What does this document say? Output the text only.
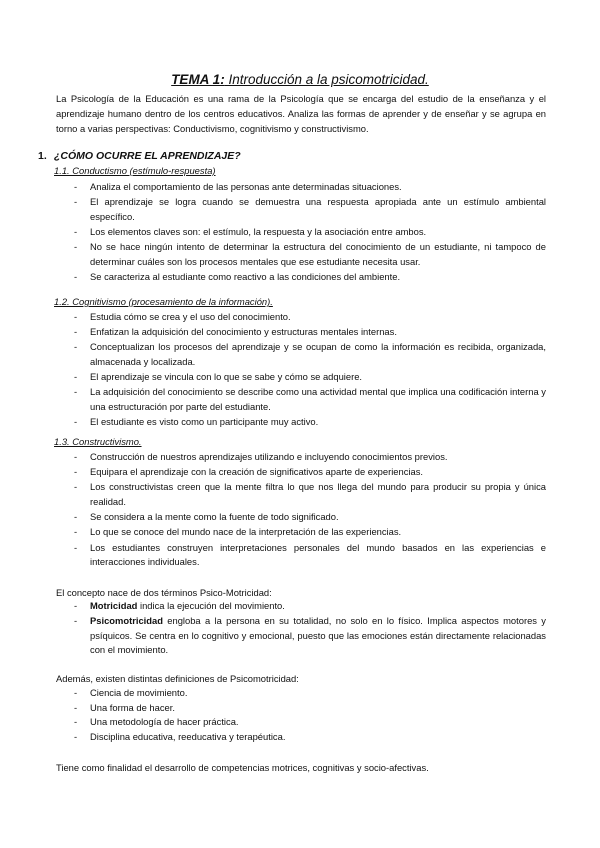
TEMA 1: Introducción a la psicomotricidad.
La Psicología de la Educación es una rama de la Psicología que se encarga del estudio de la enseñanza y el aprendizaje humano dentro de los centros educativos. Analiza las formas de aprender y de enseñar y se agrupa en torno a varias perspectivas: Conductivismo, cognitivismo y constructivismo.
1. ¿CÓMO OCURRE EL APRENDIZAJE?
1.1. Conductismo (estímulo-respuesta)
- Analiza el comportamiento de las personas ante determinadas situaciones.
- El aprendizaje se logra cuando se demuestra una respuesta apropiada ante un estímulo ambiental específico.
- Los elementos claves son: el estímulo, la respuesta y la asociación entre ambos.
- No se hace ningún intento de determinar la estructura del conocimiento de un estudiante, ni tampoco de determinar cuáles son los procesos mentales que ese estudiante necesita usar.
- Se caracteriza al estudiante como reactivo a las condiciones del ambiente.
1.2. Cognitivismo (procesamiento de la información).
- Estudia cómo se crea y el uso del conocimiento.
- Enfatizan la adquisición del conocimiento y estructuras mentales internas.
- Conceptualizan los procesos del aprendizaje y se ocupan de como la información es recibida, organizada, almacenada y localizada.
- El aprendizaje se vincula con lo que se sabe y cómo se adquiere.
- La adquisición del conocimiento se describe como una actividad mental que implica una codificación interna y una estructuración por parte del estudiante.
- El estudiante es visto como un participante muy activo.
1.3. Constructivismo.
- Construcción de nuestros aprendizajes utilizando e incluyendo conocimientos previos.
- Equipara el aprendizaje con la creación de significativos aparte de experiencias.
- Los constructivistas creen que la mente filtra lo que nos llega del mundo para producir su propia y única realidad.
- Se considera a la mente como la fuente de todo significado.
- Lo que se conoce del mundo nace de la interpretación de las experiencias.
- Los estudiantes construyen interpretaciones personales del mundo basados en las experiencias e interacciones individuales.
El concepto nace de dos términos Psico-Motricidad:
- Motricidad indica la ejecución del movimiento.
- Psicomotricidad engloba a la persona en su totalidad, no solo en lo físico. Implica aspectos motores y psíquicos. Se centra en lo cognitivo y emocional, puesto que las emociones están directamente relacionadas con el movimiento.
Además, existen distintas definiciones de Psicomotricidad:
- Ciencia de movimiento.
- Una forma de hacer.
- Una metodología de hacer práctica.
- Disciplina educativa, reeducativa y terapéutica.
Tiene como finalidad el desarrollo de competencias motrices, cognitivas y socio-afectivas.
